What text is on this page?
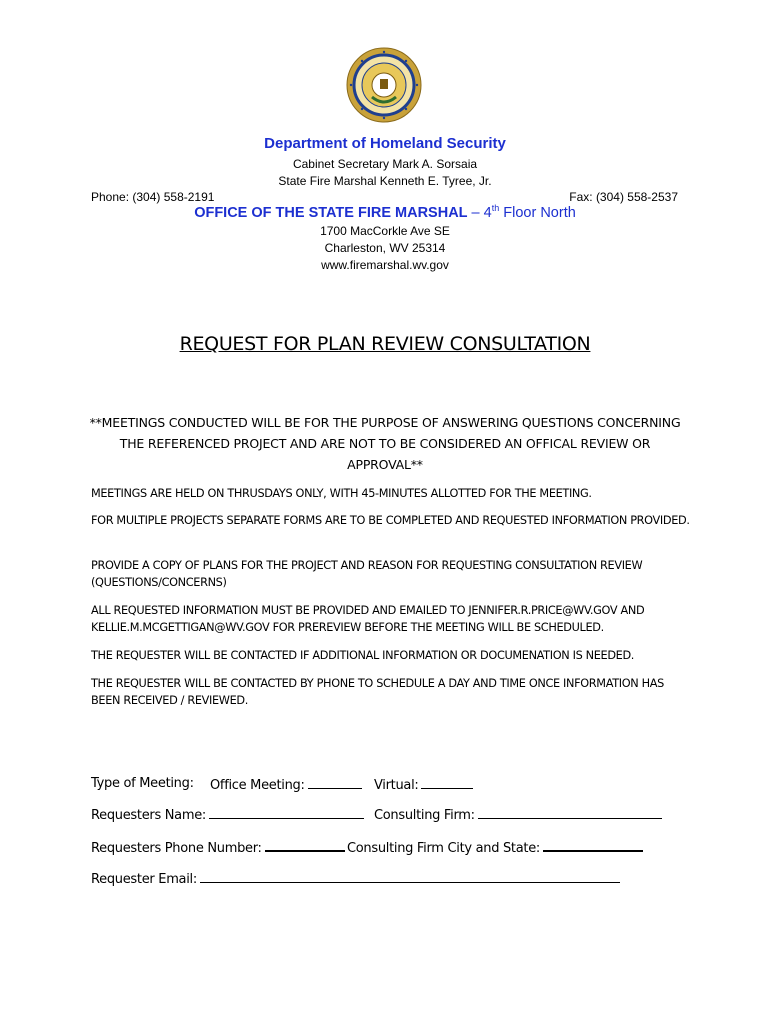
Department of Homeland Security
Cabinet Secretary Mark A. Sorsaia
State Fire Marshal Kenneth E. Tyree, Jr.
Phone: (304) 558-2191	Fax: (304) 558-2537
OFFICE OF THE STATE FIRE MARSHAL – 4th Floor North
1700 MacCorkle Ave SE
Charleston, WV 25314
www.firemarshal.wv.gov
REQUEST FOR PLAN REVIEW CONSULTATION
**MEETINGS CONDUCTED WILL BE FOR THE PURPOSE OF ANSWERING QUESTIONS CONCERNING THE REFERENCED PROJECT AND ARE NOT TO BE CONSIDERED AN OFFICAL REVIEW OR APPROVAL**
MEETINGS ARE HELD ON THRUSDAYS ONLY, WITH 45-MINUTES ALLOTTED FOR THE MEETING.
FOR MULTIPLE PROJECTS SEPARATE FORMS ARE TO BE COMPLETED AND REQUESTED INFORMATION PROVIDED.
PROVIDE A COPY OF PLANS FOR THE PROJECT AND REASON FOR REQUESTING CONSULTATION REVIEW (QUESTIONS/CONCERNS)
ALL REQUESTED INFORMATION MUST BE PROVIDED AND EMAILED TO JENNIFER.R.PRICE@WV.GOV AND KELLIE.M.MCGETTIGAN@WV.GOV FOR PREREVIEW BEFORE THE MEETING WILL BE SCHEDULED.
THE REQUESTER WILL BE CONTACTED IF ADDITIONAL INFORMATION OR DOCUMENATION IS NEEDED.
THE REQUESTER WILL BE CONTACTED BY PHONE TO SCHEDULE A DAY AND TIME ONCE INFORMATION HAS BEEN RECEIVED / REVIEWED.
Type of Meeting: Office Meeting:	Virtual:
Requesters Name:	Consulting Firm:
Requesters Phone Number:	Consulting Firm City and State:
Requester Email:
